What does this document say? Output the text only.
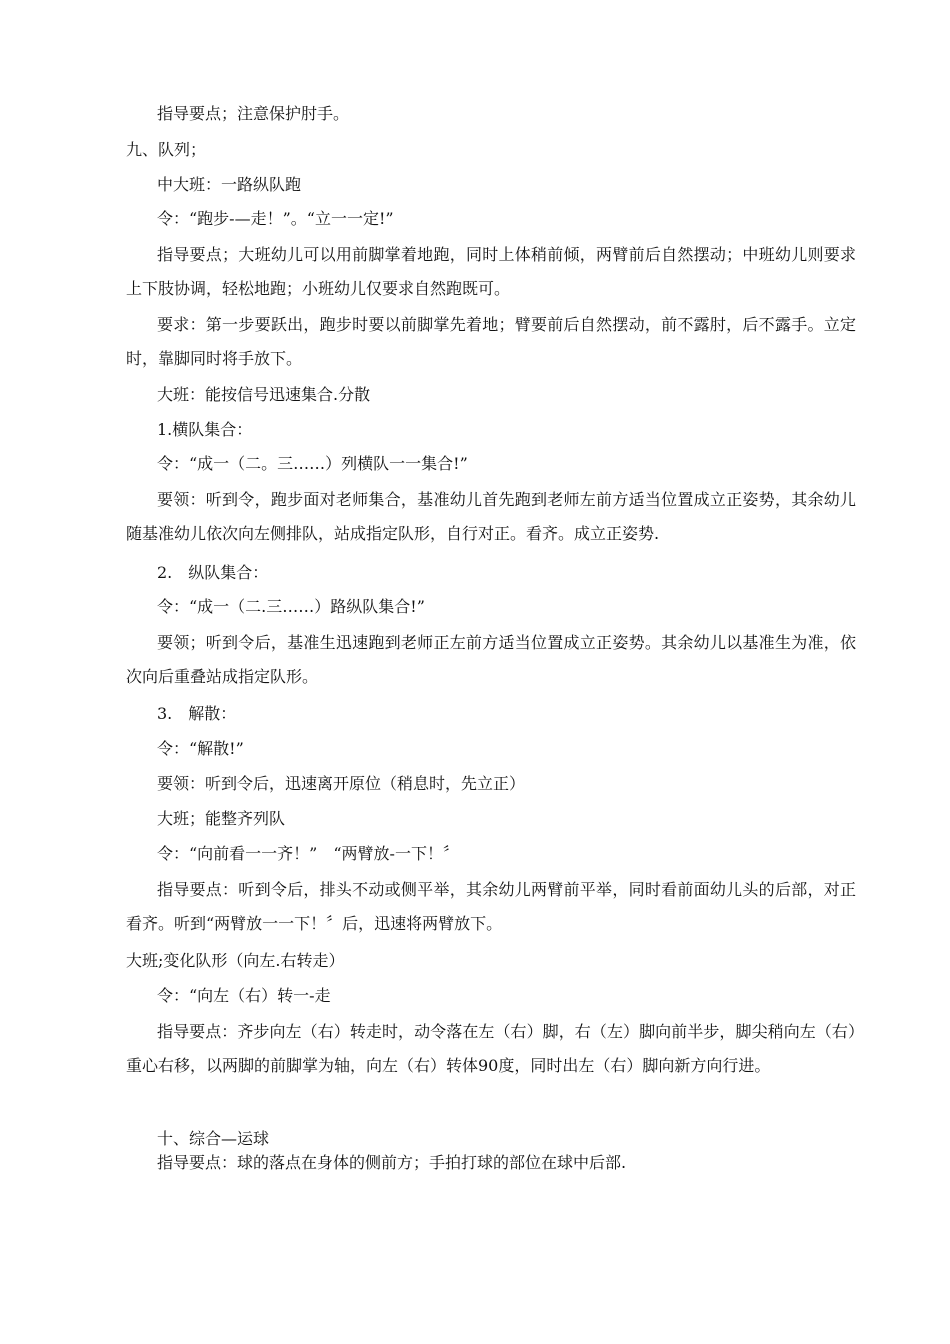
指导要点；注意保护肘手。
九、队列；
中大班：一路纵队跑
令：“跑步-—走！”。“立一一定!”
指导要点；大班幼儿可以用前脚掌着地跑，同时上体稍前倾，两臂前后自然摆动；中班幼儿则要求上下肢协调，轻松地跑；小班幼儿仅要求自然跑既可。
要求：第一步要跃出，跑步时要以前脚掌先着地；臂要前后自然摆动，前不露肘，后不露手。立定时，靠脚同时将手放下。
大班：能按信号迅速集合.分散
1.横队集合：
令：“成一（二。三……）列横队一一集合!”
要领：听到令，跑步面对老师集合，基准幼儿首先跑到老师左前方适当位置成立正姿势，其余幼儿随基准幼儿依次向左侧排队，站成指定队形，自行对正。看齐。成立正姿势.
2.　纵队集合：
令：“成一（二.三……）路纵队集合!”
要领；听到令后，基准生迅速跑到老师正左前方适当位置成立正姿势。其余幼儿以基准生为准，依次向后重叠站成指定队形。
3.　解散：
令：“解散!”
要领：听到令后，迅速离开原位（稍息时，先立正）
大班；能整齐列队
令：“向前看一一齐！”　“两臂放-一下！〞
指导要点：听到令后，排头不动或侧平举，其余幼儿两臂前平举，同时看前面幼儿头的后部，对正看齐。听到“两臂放一一下！〞后，迅速将两臂放下。
大班;变化队形（向左.右转走）
令：“向左（右）转一-走
指导要点：齐步向左（右）转走时，动令落在左（右）脚，右（左）脚向前半步，脚尖稍向左（右）重心右移，以两脚的前脚掌为轴，向左（右）转体90度，同时出左（右）脚向新方向行进。
十、综合—运球
指导要点：球的落点在身体的侧前方；手拍打球的部位在球中后部.
